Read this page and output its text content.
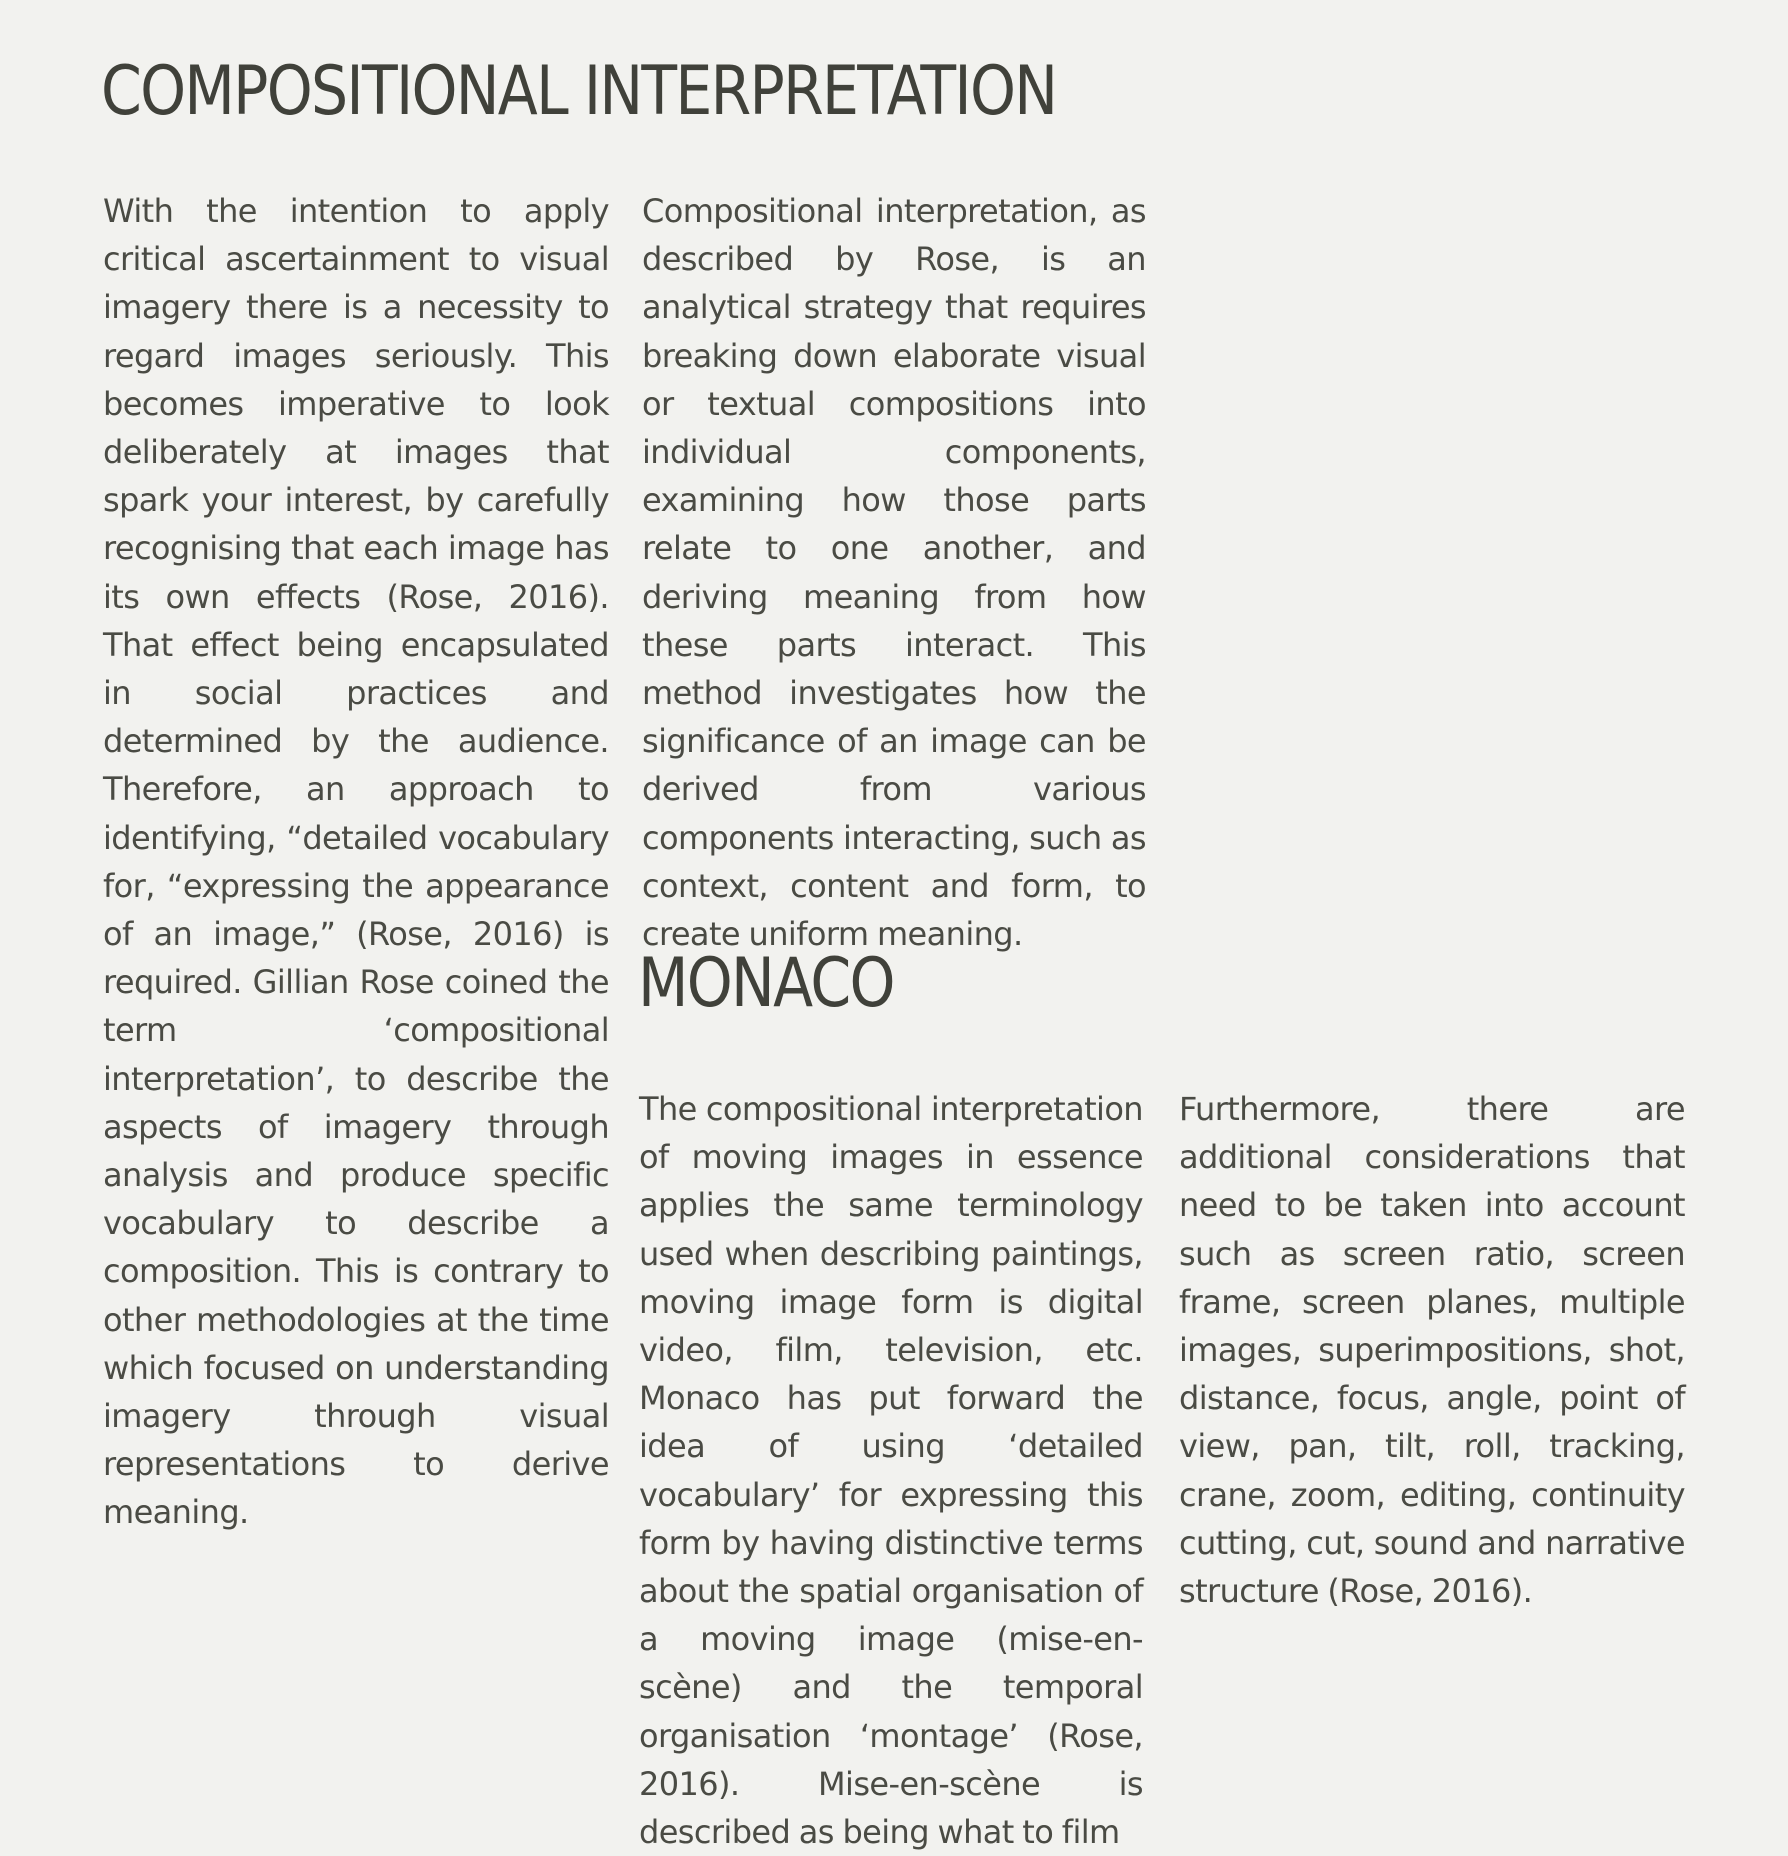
COMPOSITIONAL INTERPRETATION

With the intention to apply critical ascertainment to visual imagery there is a necessity to regard images seriously. This becomes imperative to look deliberately at images that spark your interest, by carefully recognising that each image has its own effects (Rose, 2016). That effect being encapsulated in social practices and determined by the audience. Therefore, an approach to identifying, “detailed vocabulary for, “expressing the appearance of an image,” (Rose, 2016) is required. Gillian Rose coined the term ‘compositional interpretation’, to describe the aspects of imagery through analysis and produce specific vocabulary to describe a composition. This is contrary to other methodologies at the time which focused on understanding imagery through visual representations to derive meaning.

Compositional interpretation, as described by Rose, is an analytical strategy that requires breaking down elaborate visual or textual compositions into individual components, examining how those parts relate to one another, and deriving meaning from how these parts interact. This method investigates how the significance of an image can be derived from various components interacting, such as context, content and form, to create uniform meaning.

MONACO

The compositional interpretation of moving images in essence applies the same terminology used when describing paintings, moving image form is digital video, film, television, etc. Monaco has put forward the idea of using ‘detailed vocabulary’ for expressing this form by having distinctive terms about the spatial organisation of a moving image (mise-en-scène) and the temporal organisation ‘montage’ (Rose, 2016). Mise-en-scène is described as being what to film

Furthermore, there are additional considerations that need to be taken into account such as screen ratio, screen frame, screen planes, multiple images, superimpositions, shot, distance, focus, angle, point of view, pan, tilt, roll, tracking, crane, zoom, editing, continuity cutting, cut, sound and narrative structure (Rose, 2016).
